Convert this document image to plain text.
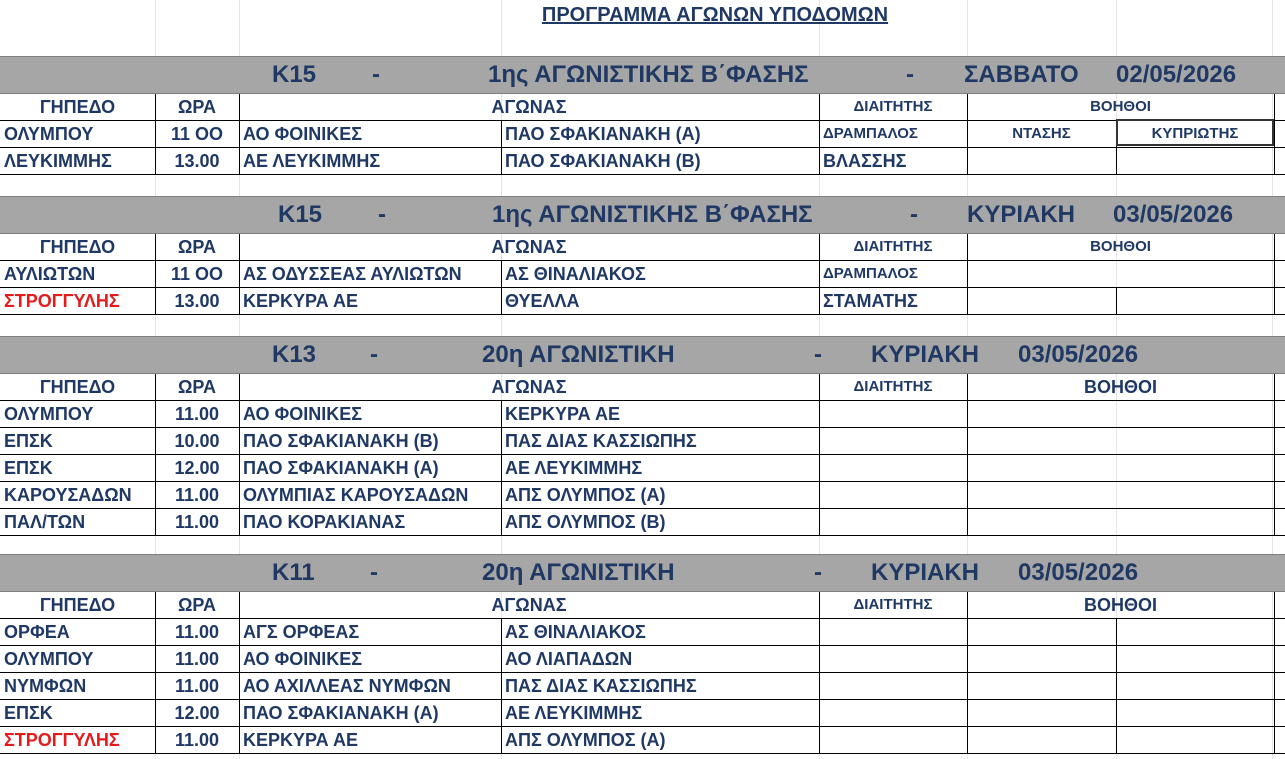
ΠΡΟΓΡΑΜΜΑ ΑΓΩΝΩΝ ΥΠΟΔΟΜΩΝ
Κ15 -	1ης ΑΓΩΝΙΣΤΙΚΗΣ Β΄ΦΑΣΗΣ	- ΣΑΒΒΑΤΟ 02/05/2026
ΓΗΠΕΔΟ	ΩΡΑ	ΑΓΩΝΑΣ	ΔΙΑΙΤΗΤΗΣ	ΒΟΗΘΟΙ
ΟΛΥΜΠΟΥ	11 ΟΟ	ΑΟ ΦΟΙΝΙΚΕΣ	ΠΑΟ ΣΦΑΚΙΑΝΑΚΗ (Α)	ΔΡΑΜΠΑΛΟΣ	ΝΤΑΣΗΣ	ΚΥΠΡΙΩΤΗΣ
ΛΕΥΚΙΜΜΗΣ	13.00	ΑΕ ΛΕΥΚΙΜΜΗΣ	ΠΑΟ ΣΦΑΚΙΑΝΑΚΗ (Β)	ΒΛΑΣΣΗΣ
Κ15 -	1ης ΑΓΩΝΙΣΤΙΚΗΣ Β΄ΦΑΣΗΣ	- ΚΥΡΙΑΚΗ 03/05/2026
ΓΗΠΕΔΟ	ΩΡΑ	ΑΓΩΝΑΣ	ΔΙΑΙΤΗΤΗΣ	ΒΟΗΘΟΙ
ΑΥΛΙΩΤΩΝ	11 ΟΟ	ΑΣ ΟΔΥΣΣΕΑΣ ΑΥΛΙΩΤΩΝ	ΑΣ ΘΙΝΑΛΙΑΚΟΣ	ΔΡΑΜΠΑΛΟΣ
ΣΤΡΟΓΓΥΛΗΣ	13.00	ΚΕΡΚΥΡΑ ΑΕ	ΘΥΕΛΛΑ	ΣΤΑΜΑΤΗΣ
Κ13 -	20η ΑΓΩΝΙΣΤΙΚΗ	- ΚΥΡΙΑΚΗ 03/05/2026
ΓΗΠΕΔΟ	ΩΡΑ	ΑΓΩΝΑΣ	ΔΙΑΙΤΗΤΗΣ	ΒΟΗΘΟΙ
ΟΛΥΜΠΟΥ	11.00	ΑΟ ΦΟΙΝΙΚΕΣ	ΚΕΡΚΥΡΑ ΑΕ
ΕΠΣΚ	10.00	ΠΑΟ ΣΦΑΚΙΑΝΑΚΗ (Β)	ΠΑΣ ΔΙΑΣ ΚΑΣΣΙΩΠΗΣ
ΕΠΣΚ	12.00	ΠΑΟ ΣΦΑΚΙΑΝΑΚΗ (Α)	ΑΕ ΛΕΥΚΙΜΜΗΣ
ΚΑΡΟΥΣΑΔΩΝ	11.00	ΟΛΥΜΠΙΑΣ ΚΑΡΟΥΣΑΔΩΝ	ΑΠΣ ΟΛΥΜΠΟΣ (Α)
ΠΑΛ/ΤΩΝ	11.00	ΠΑΟ ΚΟΡΑΚΙΑΝΑΣ	ΑΠΣ ΟΛΥΜΠΟΣ (Β)
Κ11 -	20η ΑΓΩΝΙΣΤΙΚΗ	- ΚΥΡΙΑΚΗ 03/05/2026
ΓΗΠΕΔΟ	ΩΡΑ	ΑΓΩΝΑΣ	ΔΙΑΙΤΗΤΗΣ	ΒΟΗΘΟΙ
ΟΡΦΕΑ	11.00	ΑΓΣ ΟΡΦΕΑΣ	ΑΣ ΘΙΝΑΛΙΑΚΟΣ
ΟΛΥΜΠΟΥ	11.00	ΑΟ ΦΟΙΝΙΚΕΣ	ΑΟ ΛΙΑΠΑΔΩΝ
ΝΥΜΦΩΝ	11.00	ΑΟ ΑΧΙΛΛΕΑΣ ΝΥΜΦΩΝ	ΠΑΣ ΔΙΑΣ ΚΑΣΣΙΩΠΗΣ
ΕΠΣΚ	12.00	ΠΑΟ ΣΦΑΚΙΑΝΑΚΗ (Α)	ΑΕ ΛΕΥΚΙΜΜΗΣ
ΣΤΡΟΓΓΥΛΗΣ	11.00	ΚΕΡΚΥΡΑ ΑΕ	ΑΠΣ ΟΛΥΜΠΟΣ (Α)
